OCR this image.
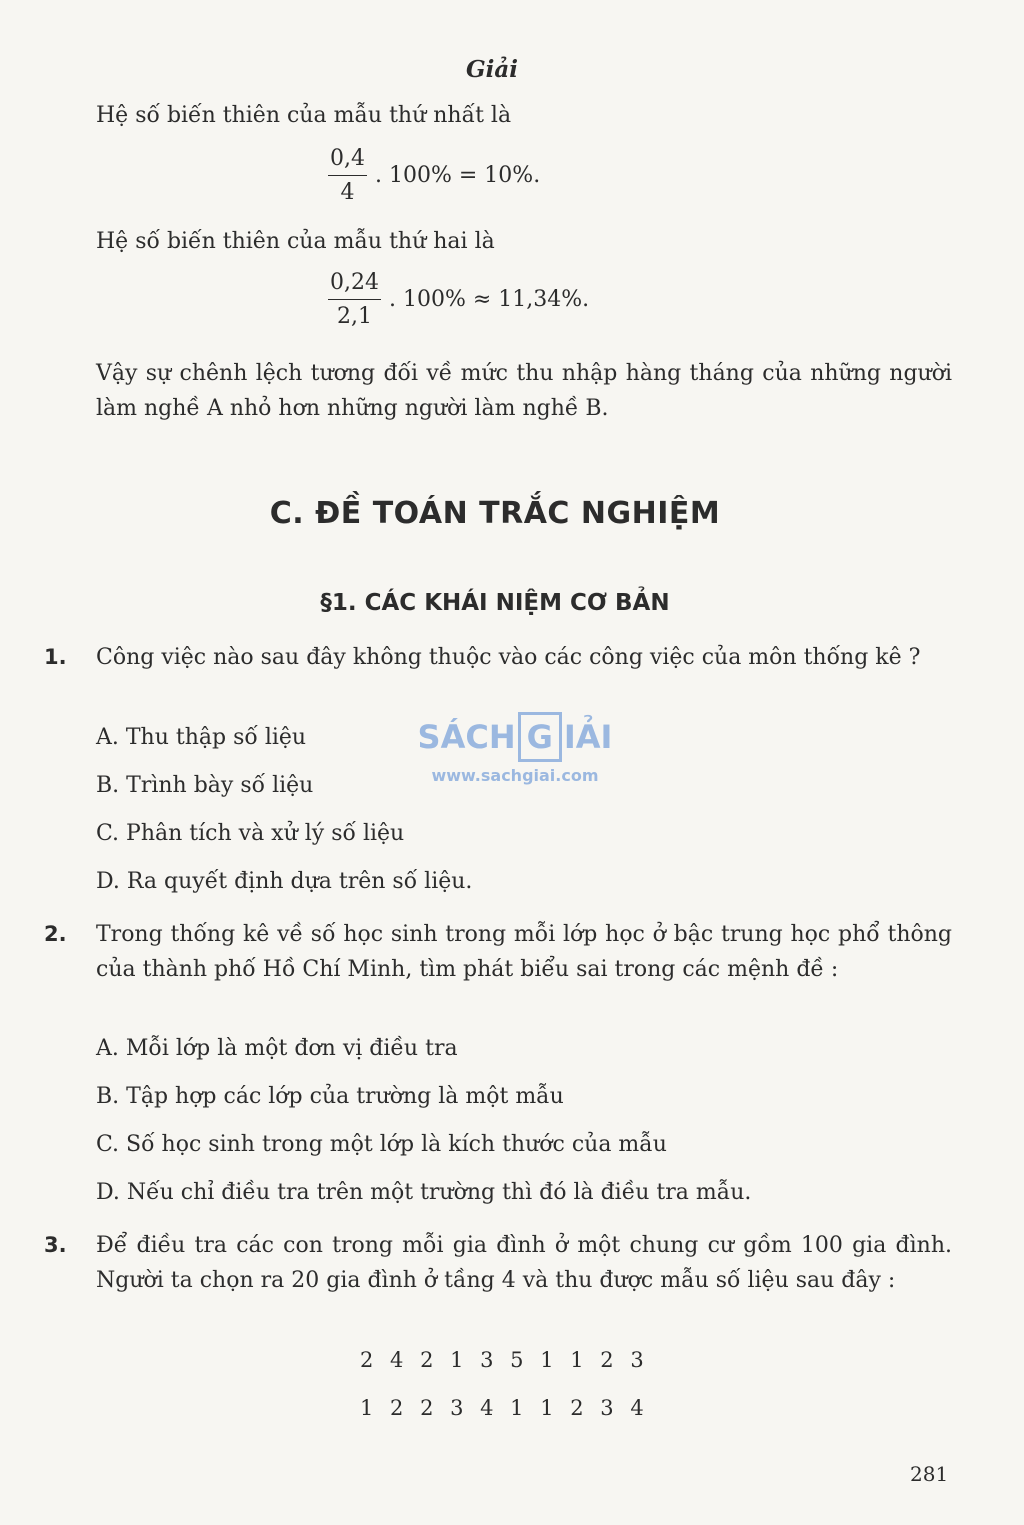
Giải
Hệ số biến thiên của mẫu thứ nhất là
$\frac{0,4}{4}$ . 100% = 10%.
Hệ số biến thiên của mẫu thứ hai là
$\frac{0,24}{2,1}$ . 100% ≈ 11,34%.
Vậy sự chênh lệch tương đối về mức thu nhập hàng tháng của những người làm nghề A nhỏ hơn những người làm nghề B.
C. ĐỀ TOÁN TRẮC NGHIỆM
§1. CÁC KHÁI NIỆM CƠ BẢN
1. Công việc nào sau đây không thuộc vào các công việc của môn thống kê ?
A. Thu thập số liệu
B. Trình bày số liệu
C. Phân tích và xử lý số liệu
D. Ra quyết định dựa trên số liệu.
SÁCH G IẢI
www.sachgiai.com
2. Trong thống kê về số học sinh trong mỗi lớp học ở bậc trung học phổ thông của thành phố Hồ Chí Minh, tìm phát biểu sai trong các mệnh đề :
A. Mỗi lớp là một đơn vị điều tra
B. Tập hợp các lớp của trường là một mẫu
C. Số học sinh trong một lớp là kích thước của mẫu
D. Nếu chỉ điều tra trên một trường thì đó là điều tra mẫu.
3. Để điều tra các con trong mỗi gia đình ở một chung cư gồm 100 gia đình. Người ta chọn ra 20 gia đình ở tầng 4 và thu được mẫu số liệu sau đây :
2 4 2 1 3 5 1 1 2 3
1 2 2 3 4 1 1 2 3 4
281
